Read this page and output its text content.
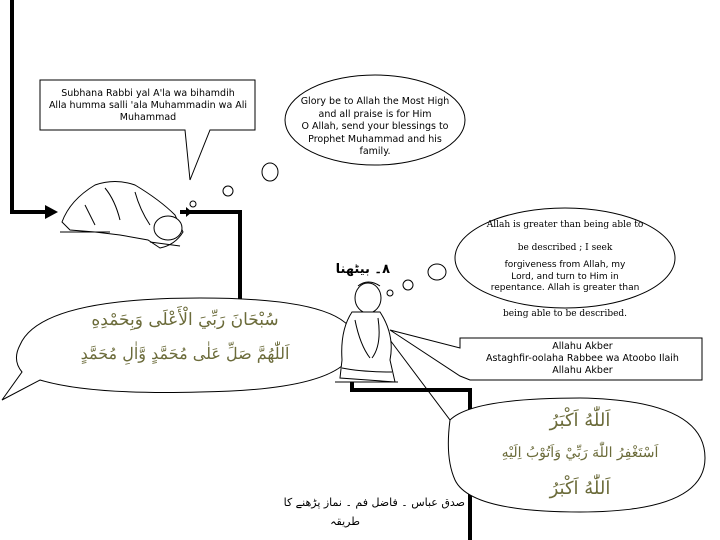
Subhana Rabbi yal A'la wa bihamdih
Alla humma salli 'ala Muhammadin wa Ali
Muhammad
Glory be to Allah the Most High
and all praise is for Him
O Allah, send your blessings to
Prophet Muhammad and his
family.
Allah is greater than being able to
be described ; I seek
forgiveness from Allah, my
Lord, and turn to Him in
repentance. Allah is greater than
being able to be described.
Allahu Akber
Astaghfir-oolaha Rabbee wa Atoobo Ilaih
Allahu Akber
۸۔ بیٹھنا
سُبْحَانَ رَبِّيَ الْأَعْلَى وَبِحَمْدِهِ
اَللّٰهُمَّ صَلِّ عَلٰى مُحَمَّدٍ وَّاٰلِ مُحَمَّدٍ
اَللّٰهُ اَكْبَرُ
اَسْتَغْفِرُ اللّٰهَ رَبِّيْ وَاَتُوْبُ اِلَيْهِ
اَللّٰهُ اَكْبَرُ
صدق عباس ۔ فاضل فم ۔ نماز پڑھنے کا
طریقہ
